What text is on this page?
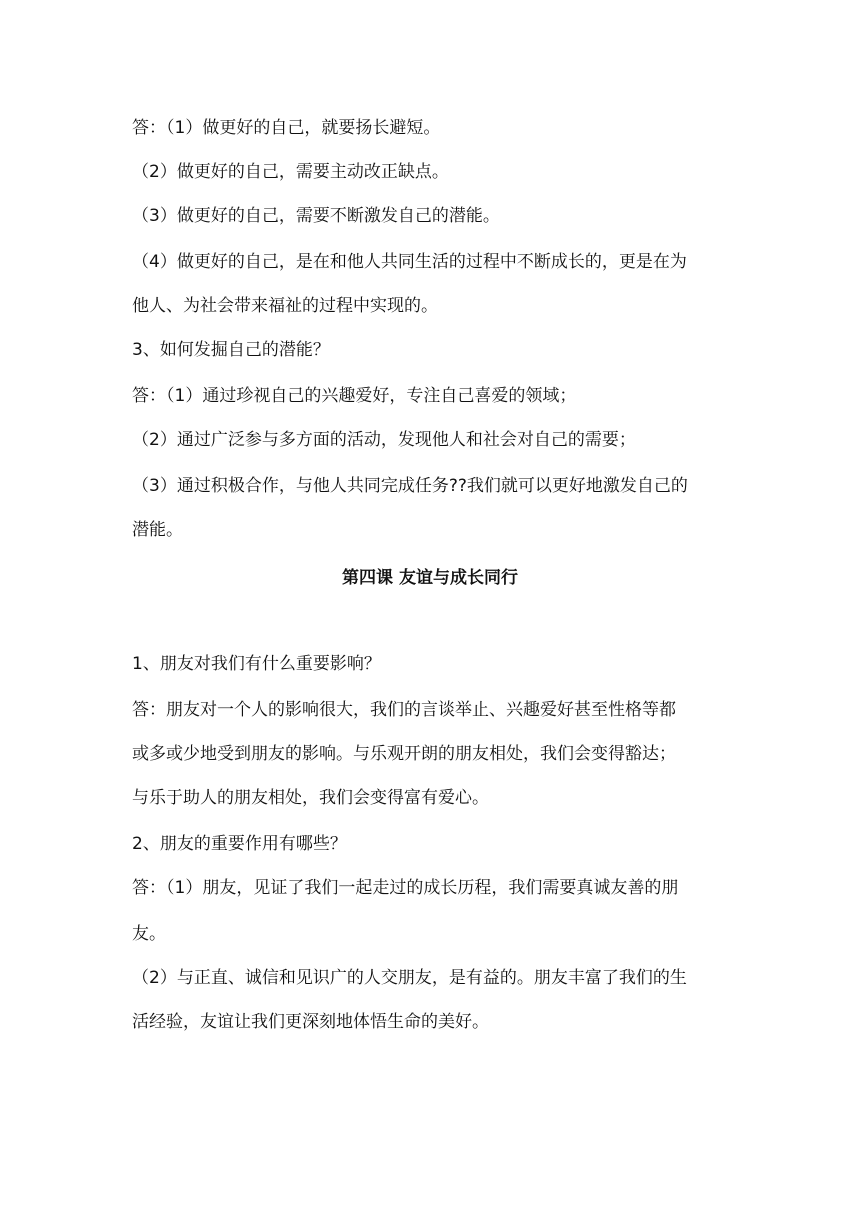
答：（1）做更好的自己，就要扬长避短。
（2）做更好的自己，需要主动改正缺点。
（3）做更好的自己，需要不断激发自己的潜能。
（4）做更好的自己，是在和他人共同生活的过程中不断成长的，更是在为
他人、为社会带来福祉的过程中实现的。
3、如何发掘自己的潜能？
答：（1）通过珍视自己的兴趣爱好，专注自己喜爱的领域；
（2）通过广泛参与多方面的活动，发现他人和社会对自己的需要；
（3）通过积极合作，与他人共同完成任务??我们就可以更好地激发自己的
潜能。
第四课 友谊与成长同行
1、朋友对我们有什么重要影响？
答：朋友对一个人的影响很大，我们的言谈举止、兴趣爱好甚至性格等都
或多或少地受到朋友的影响。与乐观开朗的朋友相处，我们会变得豁达；
与乐于助人的朋友相处，我们会变得富有爱心。
2、朋友的重要作用有哪些？
答：（1）朋友，见证了我们一起走过的成长历程，我们需要真诚友善的朋
友。
（2）与正直、诚信和见识广的人交朋友，是有益的。朋友丰富了我们的生
活经验，友谊让我们更深刻地体悟生命的美好。
